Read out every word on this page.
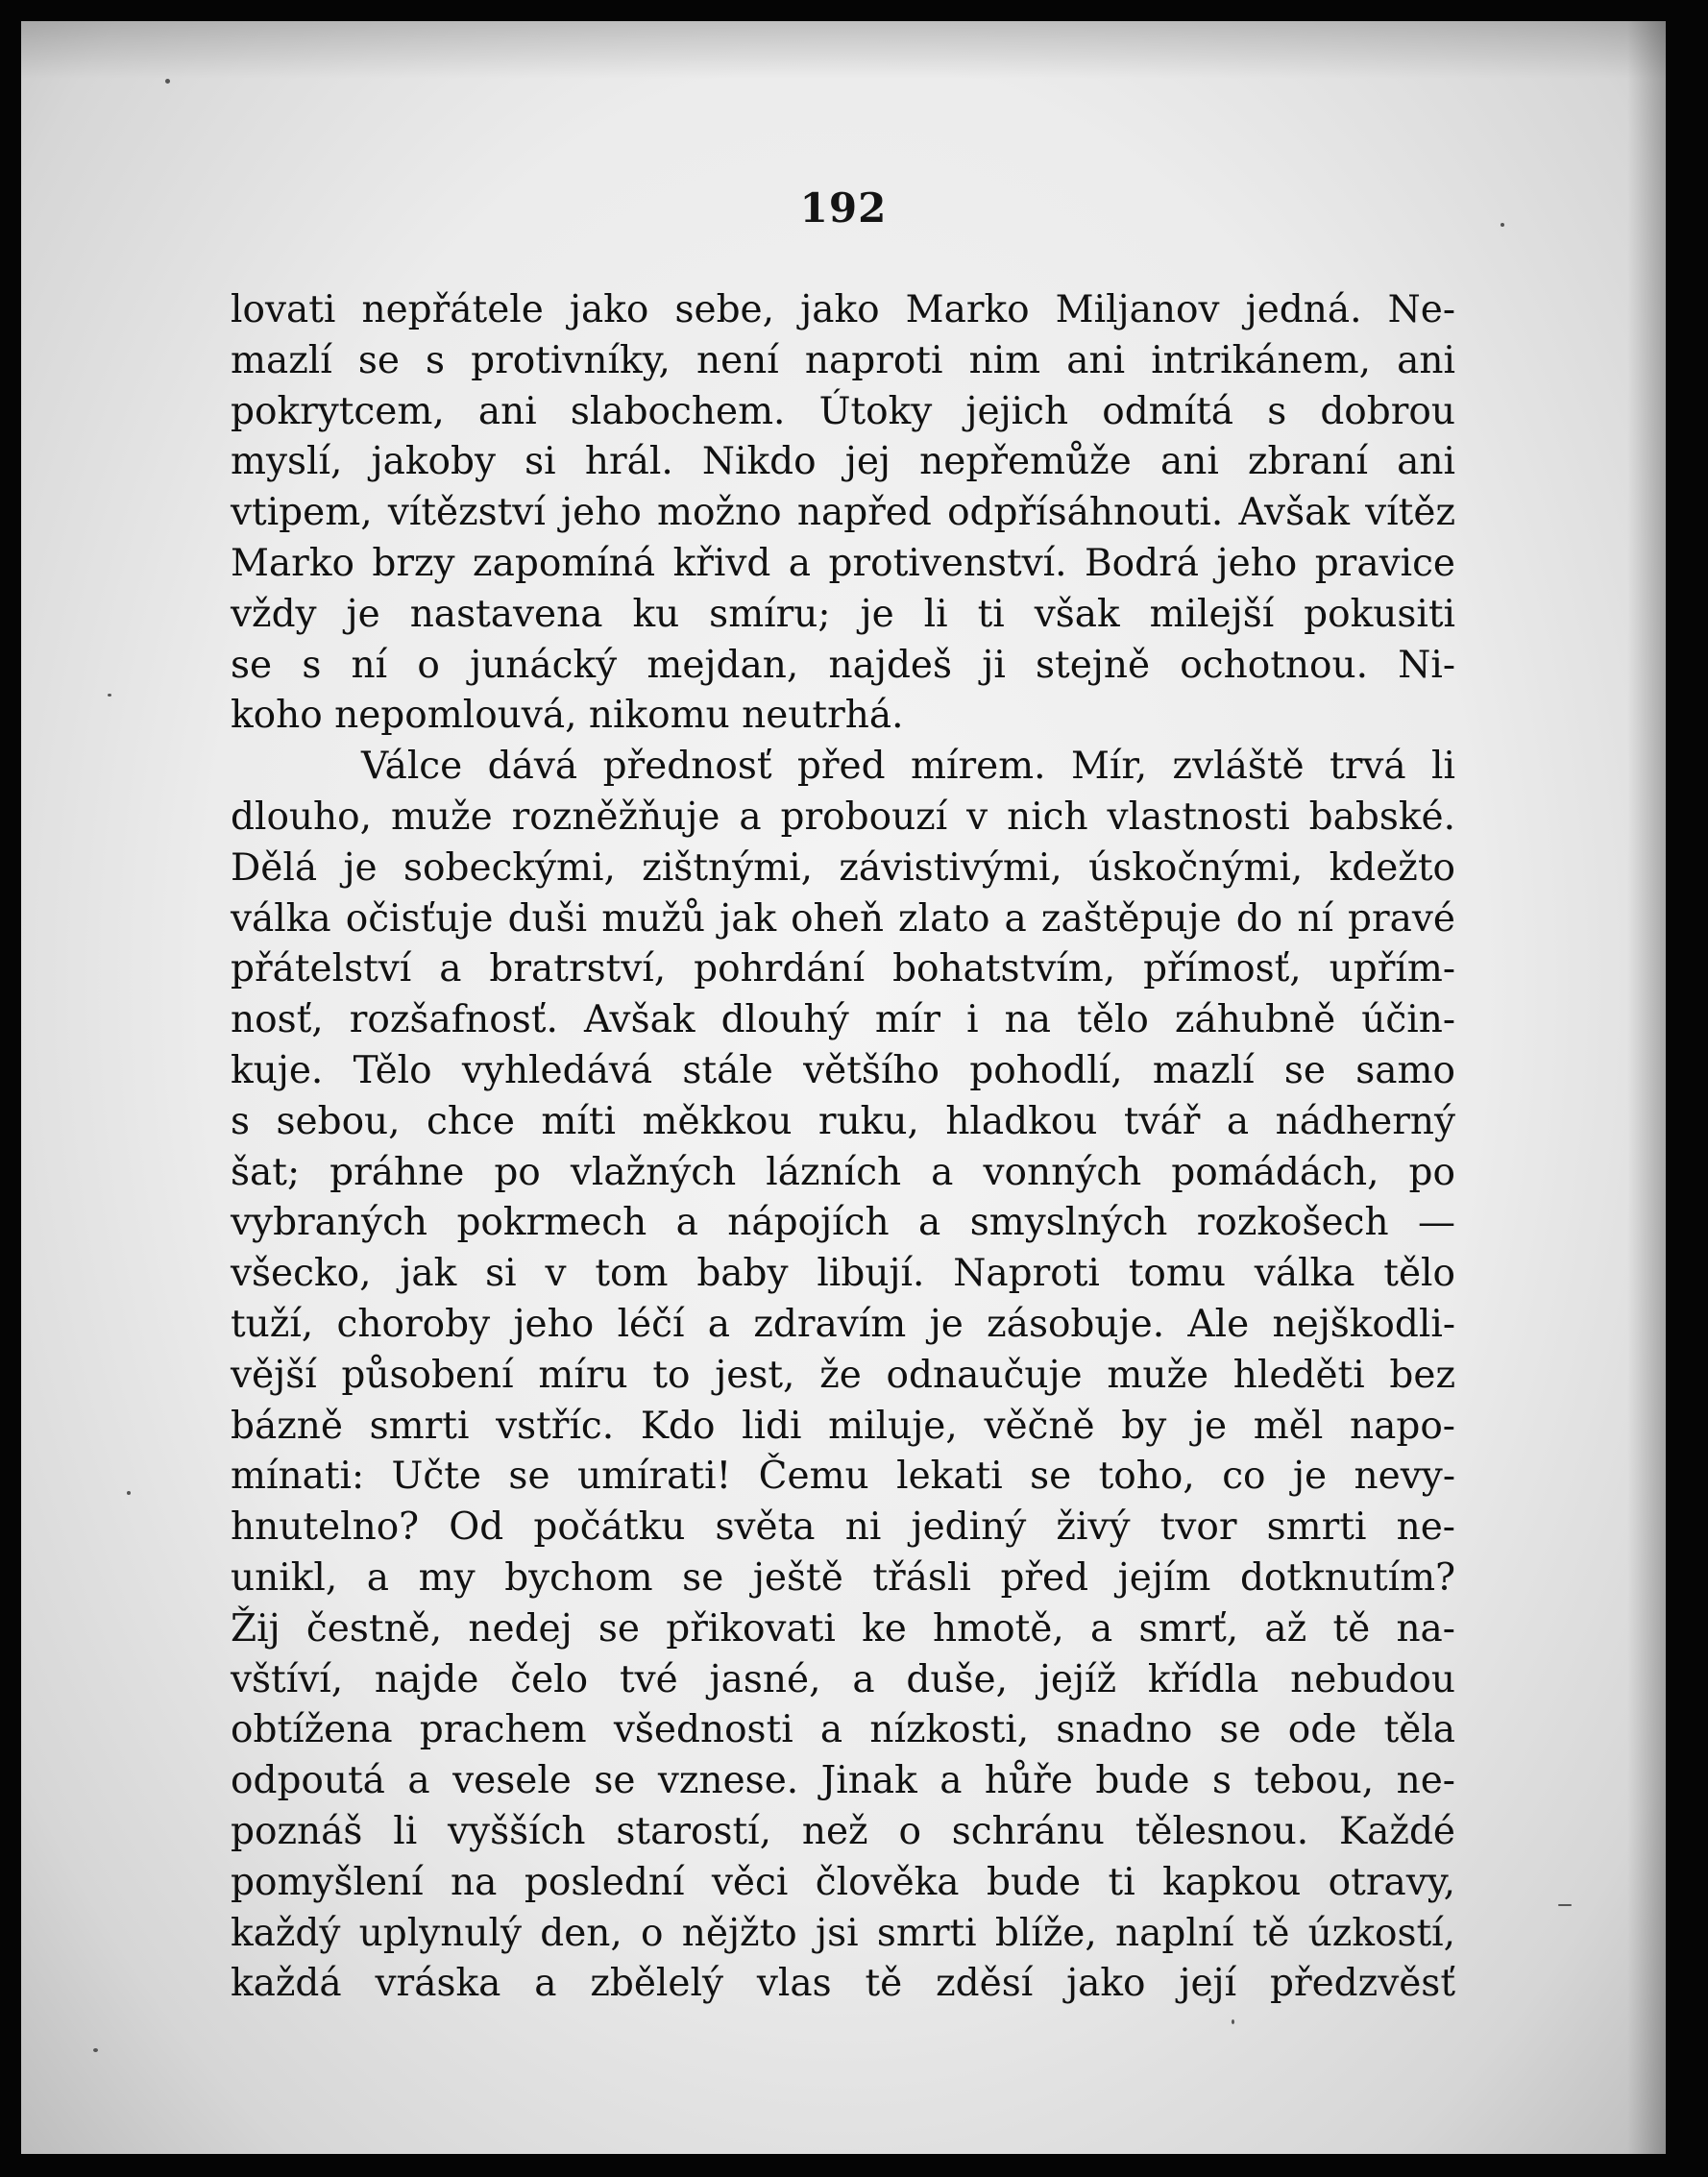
192
lovati nepřátele jako sebe, jako Marko Miljanov jedná. Ne-
mazlí se s protivníky, není naproti nim ani intrikánem, ani
pokrytcem, ani slabochem. Útoky jejich odmítá s dobrou
myslí, jakoby si hrál. Nikdo jej nepřemůže ani zbraní ani
vtipem, vítězství jeho možno napřed odpřísáhnouti. Avšak vítěz
Marko brzy zapomíná křivd a protivenství. Bodrá jeho pravice
vždy je nastavena ku smíru; je li ti však milejší pokusiti
se s ní o junácký mejdan, najdeš ji stejně ochotnou. Ni-
koho nepomlouvá, nikomu neutrhá.
Válce dává přednosť před mírem. Mír, zvláště trvá li
dlouho, muže rozněžňuje a probouzí v nich vlastnosti babské.
Dělá je sobeckými, zištnými, závistivými, úskočnými, kdežto
válka očisťuje duši mužů jak oheň zlato a zaštěpuje do ní pravé
přátelství a bratrství, pohrdání bohatstvím, přímosť, upřím-
nosť, rozšafnosť. Avšak dlouhý mír i na tělo záhubně účin-
kuje. Tělo vyhledává stále většího pohodlí, mazlí se samo
s sebou, chce míti měkkou ruku, hladkou tvář a nádherný
šat; práhne po vlažných lázních a vonných pomádách, po
vybraných pokrmech a nápojích a smyslných rozkošech —
všecko, jak si v tom baby libují. Naproti tomu válka tělo
tuží, choroby jeho léčí a zdravím je zásobuje. Ale nejškodli-
vější působení míru to jest, že odnaučuje muže hleděti bez
bázně smrti vstříc. Kdo lidi miluje, věčně by je měl napo-
mínati: Učte se umírati! Čemu lekati se toho, co je nevy-
hnutelno? Od počátku světa ni jediný živý tvor smrti ne-
unikl, a my bychom se ještě třásli před jejím dotknutím?
Žij čestně, nedej se přikovati ke hmotě, a smrť, až tě na-
vštíví, najde čelo tvé jasné, a duše, jejíž křídla nebudou
obtížena prachem všednosti a nízkosti, snadno se ode těla
odpoutá a vesele se vznese. Jinak a hůře bude s tebou, ne-
poznáš li vyšších starostí, než o schránu tělesnou. Každé
pomyšlení na poslední věci člověka bude ti kapkou otravy,
každý uplynulý den, o nějžto jsi smrti blíže, naplní tě úzkostí,
každá vráska a zbělelý vlas tě zděsí jako její předzvěsť
